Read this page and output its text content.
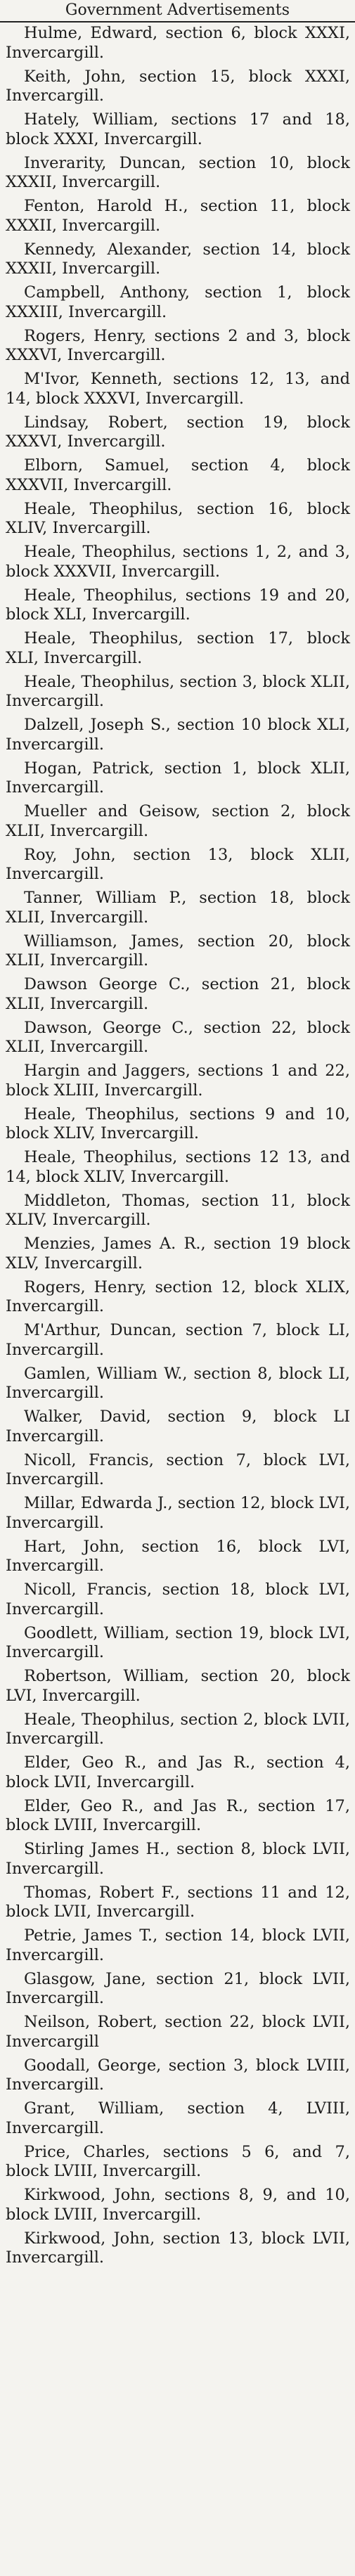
Government Advertisements
Hulme, Edward, section 6, block XXXI, Invercargill.
Keith, John, section 15, block XXXI, Invercargill.
Hately, William, sections 17 and 18, block XXXI, Invercargill.
Inverarity, Duncan, section 10, block XXXII, Invercargill.
Fenton, Harold H., section 11, block XXXII, Invercargill.
Kennedy, Alexander, section 14, block XXXII, Invercargill.
Campbell, Anthony, section 1, block XXXIII, Invercargill.
Rogers, Henry, sections 2 and 3, block XXXVI, Invercargill.
M'Ivor, Kenneth, sections 12, 13, and 14, block XXXVI, Invercargill.
Lindsay, Robert, section 19, block XXXVI, Invercargill.
Elborn, Samuel, section 4, block XXXVII, Invercargill.
Heale, Theophilus, section 16, block XLIV, Invercargill.
Heale, Theophilus, sections 1, 2, and 3, block XXXVII, Invercargill.
Heale, Theophilus, sections 19 and 20, block XLI, Invercargill.
Heale, Theophilus, section 17, block XLI, Invercargill.
Heale, Theophilus, section 3, block XLII, Invercargill.
Dalzell, Joseph S., section 10 block XLI, Invercargill.
Hogan, Patrick, section 1, block XLII, Invercargill.
Mueller and Geisow, section 2, block XLII, Invercargill.
Roy, John, section 13, block XLII, Invercargill.
Tanner, William P., section 18, block XLII, Invercargill.
Williamson, James, section 20, block XLII, Invercargill.
Dawson George C., section 21, block XLII, Invercargill.
Dawson, George C., section 22, block XLII, Invercargill.
Hargin and Jaggers, sections 1 and 22, block XLIII, Invercargill.
Heale, Theophilus, sections 9 and 10, block XLIV, Invercargill.
Heale, Theophilus, sections 12 13, and 14, block XLIV, Invercargill.
Middleton, Thomas, section 11, block XLIV, Invercargill.
Menzies, James A. R., section 19 block XLV, Invercargill.
Rogers, Henry, section 12, block XLIX, Invercargill.
M'Arthur, Duncan, section 7, block LI, Invercargill.
Gamlen, William W., section 8, block LI, Invercargill.
Walker, David, section 9, block LI Invercargill.
Nicoll, Francis, section 7, block LVI, Invercargill.
Millar, Edwarda J., section 12, block LVI, Invercargill.
Hart, John, section 16, block LVI, Invercargill.
Nicoll, Francis, section 18, block LVI, Invercargill.
Goodlett, William, section 19, block LVI, Invercargill.
Robertson, William, section 20, block LVI, Invercargill.
Heale, Theophilus, section 2, block LVII, Invercargill.
Elder, Geo R., and Jas R., section 4, block LVII, Invercargill.
Elder, Geo R., and Jas R., section 17, block LVIII, Invercargill.
Stirling James H., section 8, block LVII, Invercargill.
Thomas, Robert F., sections 11 and 12, block LVII, Invercargill.
Petrie, James T., section 14, block LVII, Invercargill.
Glasgow, Jane, section 21, block LVII, Invercargill.
Neilson, Robert, section 22, block LVII, Invercargill
Goodall, George, section 3, block LVIII, Invercargill.
Grant, William, section 4, LVIII, Invercargill.
Price, Charles, sections 5 6, and 7, block LVIII, Invercargill.
Kirkwood, John, sections 8, 9, and 10, block LVIII, Invercargill.
Kirkwood, John, section 13, block LVII, Invercargill.
